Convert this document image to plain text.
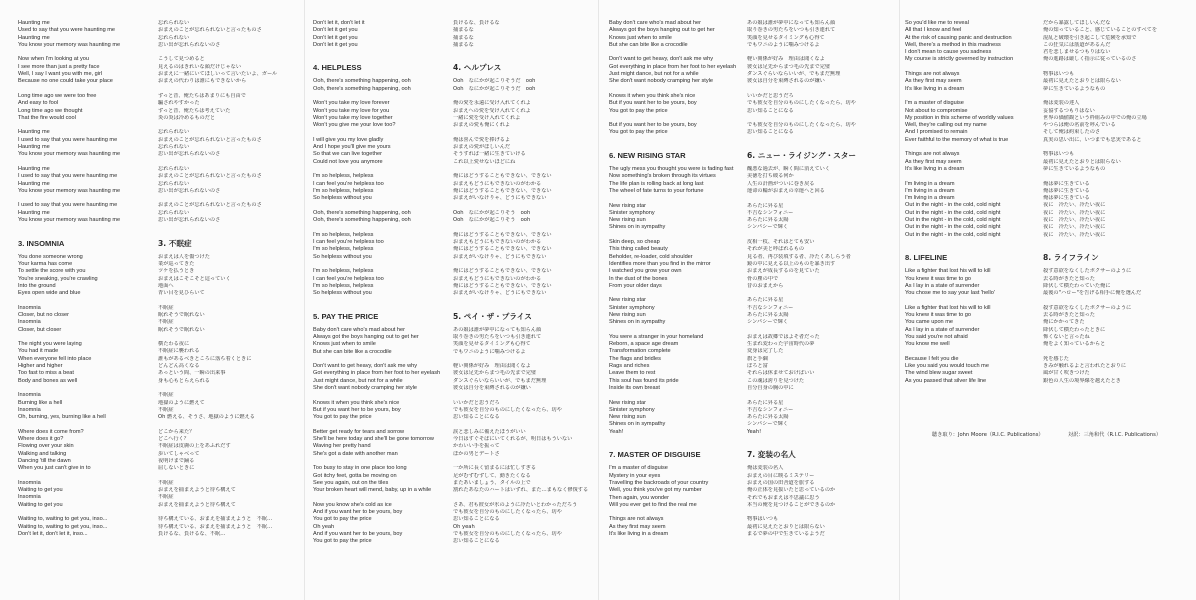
Haunting me
Used to say that you were haunting me
Haunting me
You know your memory was haunting me
Now when I'm looking at you
I see more than just a pretty face
Well, I say I want you with me, girl
Because no one could take your place
Long time ago we were too free
And easy to fool
Long time ago we thought
That the fire would cool
Haunting me
I used to say that you were haunting me
Haunting me
You know your memory was haunting me
Haunting me
I used to say that you were haunting me
Haunting me
You know your memory was haunting me
I used to say that you were haunting me
Haunting me
You know your memory was haunting me
3. INSOMNIA
You done someone wrong
Your karma has come
To settle the score with you
You're sneaking, you're crawling
Into the ground
Eyes open wide and blue
Insomnia
Closer, but no closer
Insomnia
Closer, but closer
The night you were laying
You had it made
When everyone fell into place
Higher and higher
Too fast to miss a beat
Body and bones as well
Insomnia
Burning like a hell
Insomnia
Oh, burning, yes, burning like a hell
Where does it come from?
Where does it go?
Flowing over your skin
Walking and talking
Dancing 'till the dawn
When you just can't give in to
Insomnia
Waiting to get you
Insomnia
Waiting to get you
Waiting to, waiting to get you, inso...
Waiting to, waiting to get you, inso...
Don't let it, don't let it, inso...
忘れられない
おまえのことが忘れられないと言ったものさ
忘れられない
思い出が忘れられないのさ
こうして見つめると
見えるのはきれいな顔だけじゃない
おまえに一緒にいてほしいって言いたいよ、ガール
おまえの代わりは誰にもできないから
ずっと昔、俺たちはあまりにも自由で
騙されやすかった
ずっと昔、俺たちは考えていた
炎の炎は冷めるものだと
忘れられない
おまえのことが忘れられないと言ったものさ
忘れられない
思い出が忘れられないのさ
忘れられない
おまえのことが忘れられないと言ったものさ
忘れられない
思い出が忘れられないのさ
おまえのことが忘れられないと言ったものさ
忘れられない
思い出が忘れられないのさ
3. 不眠症
おまえは人を傷つけた
業が巡ってきた
ツケを払うとき
おまえはこそこそと這っていく
地面へ
青い目を見ひらいて
不眠症
眠れそうで眠れない
不眠症
眠れそうで眠れない
横たわる夜に
不眠症に襲われる
誰もがあるべきところに落ち着くときに
どんどん高くなる
あっという間、一瞬の出来事
身も心もとらえられる
不眠症
地獄のように燃えて
不眠症
Oh 燃える、そうさ、地獄のように燃える
どこから来た？
どこへ行く？
不眠症は皮膚の上をあふれだす
歩いてしゃべって
夜明けまで踊る
屈しないときに
不眠症
おまえを捕まえようと待ち構えて
不眠症
おまえを捕まえようと待ち構えて
待ち構えている、おまえを捕まえようと　不眠…
待ち構えている、おまえを捕まえようと　不眠…
負けるな、負けるな、不眠…
Don't let it, don't let it
Don't let it get you
Don't let it get you
Don't let it get you
4. HELPLESS
Ooh, there's something happening, ooh
Ooh, there's something happening, ooh
Won't you take my love forever
Won't you take my love for you
Won't you take my love together
Won't you give me your love too?
I will give you my love gladly
And I hope you'll give me yours
So that we can live together
Could not love you anymore
I'm so helpless, helpless
I can feel you're helpless too
I'm so helpless, helpless
So helpless without you
Ooh, there's something happening, ooh
Ooh, there's something happening, ooh
I'm so helpless, helpless
I can feel you're helpless too
I'm so helpless, helpless
So helpless without you
I'm so helpless, helpless
I can feel you're helpless too
I'm so helpless, helpless
So helpless without you
5. PAY THE PRICE
Baby don't care who's mad about her
Always got the boys hanging out to get her
Knows just when to smile
But she can bite like a crocodile
Don't want to get heavy, don't ask me why
Got everything in place from her foot to her eyelash
Just might dance, but not for a while
She don't want nobody cramping her style
Knows it when you think she's nice
But if you want her to be yours, boy
You got to pay the price
Better get ready for tears and sorrow
She'll be here today and she'll be gone tomorrow
Waving her pretty hand
She's got a date with another man
Too busy to stay in one place too long
Got itchy feet, gotta be moving on
See you again, out on the tiles
Your broken heart will mend, baby, up in a while
Now you know she's cold as ice
And if you want her to be yours, boy
You got to pay the price
Oh yeah
And if you want her to be yours, boy
You got to pay the price
負けるな、負けるな
捕まるな
捕まるな
捕まるな
4. ヘルプレス
Ooh　なにかが起こりそうだ　ooh
Ooh　なにかが起こりそうだ　ooh
俺の愛を永遠に受け入れてくれよ
おまえへの愛を受け入れてくれよ
一緒に愛を受け入れてくれよ
おまえの愛も俺にくれよ
俺は喜んで愛を捧げるよ
おまえの愛がほしいんだ
そうすれば一緒に生きていける
これ以上愛せないほどにね
俺にはどうすることもできない、できない
おまえもどうにもできないのがわかる
俺にはどうすることもできない、できない
おまえがいなけりゃ、どうにもできない
Ooh　なにかが起こりそう　ooh
Ooh　なにかが起こりそう　ooh
俺にはどうすることもできない、できない
おまえもどうにもできないのがわかる
俺にはどうすることもできない、できない
おまえがいなけりゃ、どうにもできない
俺にはどうすることもできない、できない
おまえもどうにもできないのがわかる
俺にはどうすることもできない、できない
おまえがいなけりゃ、どうにもできない
5. ペイ・ザ・プライス
あの娘は誰が夢中になっても知らん顔
取り巻きの男たちをいつも引き連れて
笑顔を見せるタイミングも心得て
でもワニのように噛みつけるよ
軽い関係が好み　理由は聞くなよ
彼女は足先からまつ毛の先まで完璧
ダンスぐらいならいいが、でもまだ無理
彼女は自分を束縛されるのが嫌い
いいかだと思うだろ
でも彼女を自分のものにしたくなったら、坊や
思い知ることになる
涙と悲しみに備えたほうがいい
今日はすぐそばにいてくれるが、明日はもういない
かわいい手を振って
ほかの男とデートさ
一か所に長く留まるには忙しすぎる
足がむずむずして、動きたくなる
またあいましょう、タイルの上で
割れたあなたのハートはいずれ、また…まもなく修復する
さあ、君も彼女が氷のように冷たいとわかっただろう
でも彼女を自分のものにしたくなったら、坊や
思い知ることになる
Oh yeah
でも彼女を自分のものにしたくなったら、坊や
思い知ることになる
Baby don't care who's mad about her
Always got the boys hanging out to get her
Knows just when to smile
But she can bite like a crocodile
Don't want to get heavy, don't ask me why
Got everything in place from her foot to her eyelash
Just might dance, but not for a while
She don't want nobody cramping her style
Knows it when you think she's nice
But if you want her to be yours, boy
You got to pay the price
But if you want her to be yours, boy
You got to pay the price
6. NEW RISING STAR
The ugly mess you thought you were is fading fast
Now something's broken through its virtues
The life plan is rolling back at long last
The wheel of fate turns to your fortune
New rising star
Sinister symphony
New rising sun
Shines on in sympathy
Skin deep, so cheap
This thing called beauty
Beholder, re-loader, cold shoulder
Identifies more than you find in the mirror
I watched you grow your own
In the dust of the bones
From your older days
New rising star
Sinister symphony
New rising sun
Shines on in sympathy
You were a stranger in your homeland
Reborn, a space age dream
Transformation complete
The flags and bridles
Rags and riches
Leave them to rest
This soul has found its pride
Inside its own breast
New rising star
Sinister symphony
New rising sun
Shines on in sympathy
Yeah!
7. MASTER OF DISGUISE
I'm a master of disguise
Mystery in your eyes
Travelling the backroads of your country
Well, you think you've got my number
Then again, you wonder
Will you ever get to find the real me
Things are not always
As they first may seem
It's like living in a dream
あの娘は誰が夢中になっても知らん顔
取り巻きの男たちをいつも引き連れて
笑顔を見せるタイミングも心得て
でもワニのように噛みつけるよ
軽い関係が好み　理由は聞くなよ
彼女は足先からまつ毛の先まで完璧
ダンスぐらいならいいが、でもまだ無理
彼女は自分を束縛されるのが嫌い
いいかだと思うだろ
でも彼女を自分のものにしたくなったら、坊や
思い知ることになる
でも彼女を自分のものにしたくなったら、坊や
思い知ることになる
6. ニュー・ライジング・スター
醜悪な過去が、瞬く間に消えていく
美徳を打ち破る何か
人生の計画がついに巻き戻る
運命の輪がおまえの幸運へと回る
あらたに昇る星
不吉なシンフォニー
あらたに昇る太陽
シンパシーで輝く
皮相一枚、それはとても安い
それが美と呼ばれるもの
見る者、再び装填する者、冷たくあしらう者
鏡の中に見える以上のものを暴き出す
おまえが成長するのを見ていた
骨の塵の中で
昔のおまえから
あらたに昇る星
不吉なシンフォニー
あらたに昇る太陽
シンパシーで輝く
おまえは故郷ではよそ者だった
生まれ変わった宇宙時代の夢
変身は完了した
旗と手綱
ぼろと富
それらは休ませておけばいい
この魂は誇りを見つけた
自分自身の胸の中に
あらたに昇る星
不吉なシンフォニー
あらたに昇る太陽
シンパシーで輝く
Yeah!
7. 変装の名人
俺は変装の名人
おまえの目に映るミステリー
おまえの国の田舎道を旅する
俺の正体を見抜いたと思っているのか
それでもおまえは不思議に思う
本当の俺を見つけることができるのか
物事はいつも
最初に見えたとおりとは限らない
まるで夢の中で生きているようだ
So you'd like me to reveal
All that I know and feel
At the risk of causing panic and destruction
Well, there's a method in this madness
I don't mean to cause you sadness
My course is strictly governed by instruction
Things are not always
As they first may seem
It's like living in a dream
I'm a master of disguise
Not about to compromise
My position in this scheme of worldly values
Well, they're calling out my name
And I promised to remain
Ever faithful to the memory of what is true
Things are not always
As they first may seem
It's like living in a dream
I'm living in a dream
I'm living in a dream
I'm living in a dream
Out in the night - in the cold, cold night
Out in the night - in the cold, cold night
Out in the night - in the cold, cold night
Out in the night - in the cold, cold night
Out in the night - in the cold, cold night
8. LIFELINE
Like a fighter that lost his will to kill
You knew it was time to go
As I lay in a state of surrender
You chose me to say your last 'hello'
Like a fighter that lost his will to kill
You knew it was time to go
You came upon me
As I lay in a state of surrender
You said you're not afraid
You know me well
Because I felt you die
Like you said you would touch me
The wind blew sugar sweet
As you passed that silver life line
だから暴露してほしいんだな
俺の知っていること、感じていることのすべてを
混乱と破壊を引き起こして危険を承知で
この狂気には筋道があるんだ
君を悲しませるつもりはない
俺の進路は厳しく指示に従っているのさ
物事はいつも
最初に見えたとおりとは限らない
夢に生きているようなもの
俺は変装の達人
妥協するつもりはない
世界の価値観という枠組みの中での俺の立場
やつらは俺の名前を呼んでいる
そして俺は約束したのさ
真実の思い出に、いつまでも忠実であると
物事はいつも
最初に見えたとおりとは限らない
夢に生きているようなもの
俺は夢に生きている
俺は夢に生きている
俺は夢に生きている
夜に　冷たい、冷たい夜に
夜に　冷たい、冷たい夜に
夜に　冷たい、冷たい夜に
夜に　冷たい、冷たい夜に
夜に　冷たい、冷たい夜に
8. ライフライン
殺す意欲をなくしたボクサーのように
去る時がきたと知った
降伏して横たわっていた俺に
最後の"ハロー"を告げる相手に俺を選んだ
殺す意欲をなくしたボクサーのように
去る時がきたと知った
俺にかかってきた
降伏して横たわったときに
怖くないと言ったね
俺をよく知っているからと
死を感じた
きみが触れるよと言われたとおりに
風が甘く吹きつけた
銀色の人生の境界線を越えたとき
聴き取り：John Moore（R.I.C. Publications）	対訳：三角和代（R.I.C. Publications）
